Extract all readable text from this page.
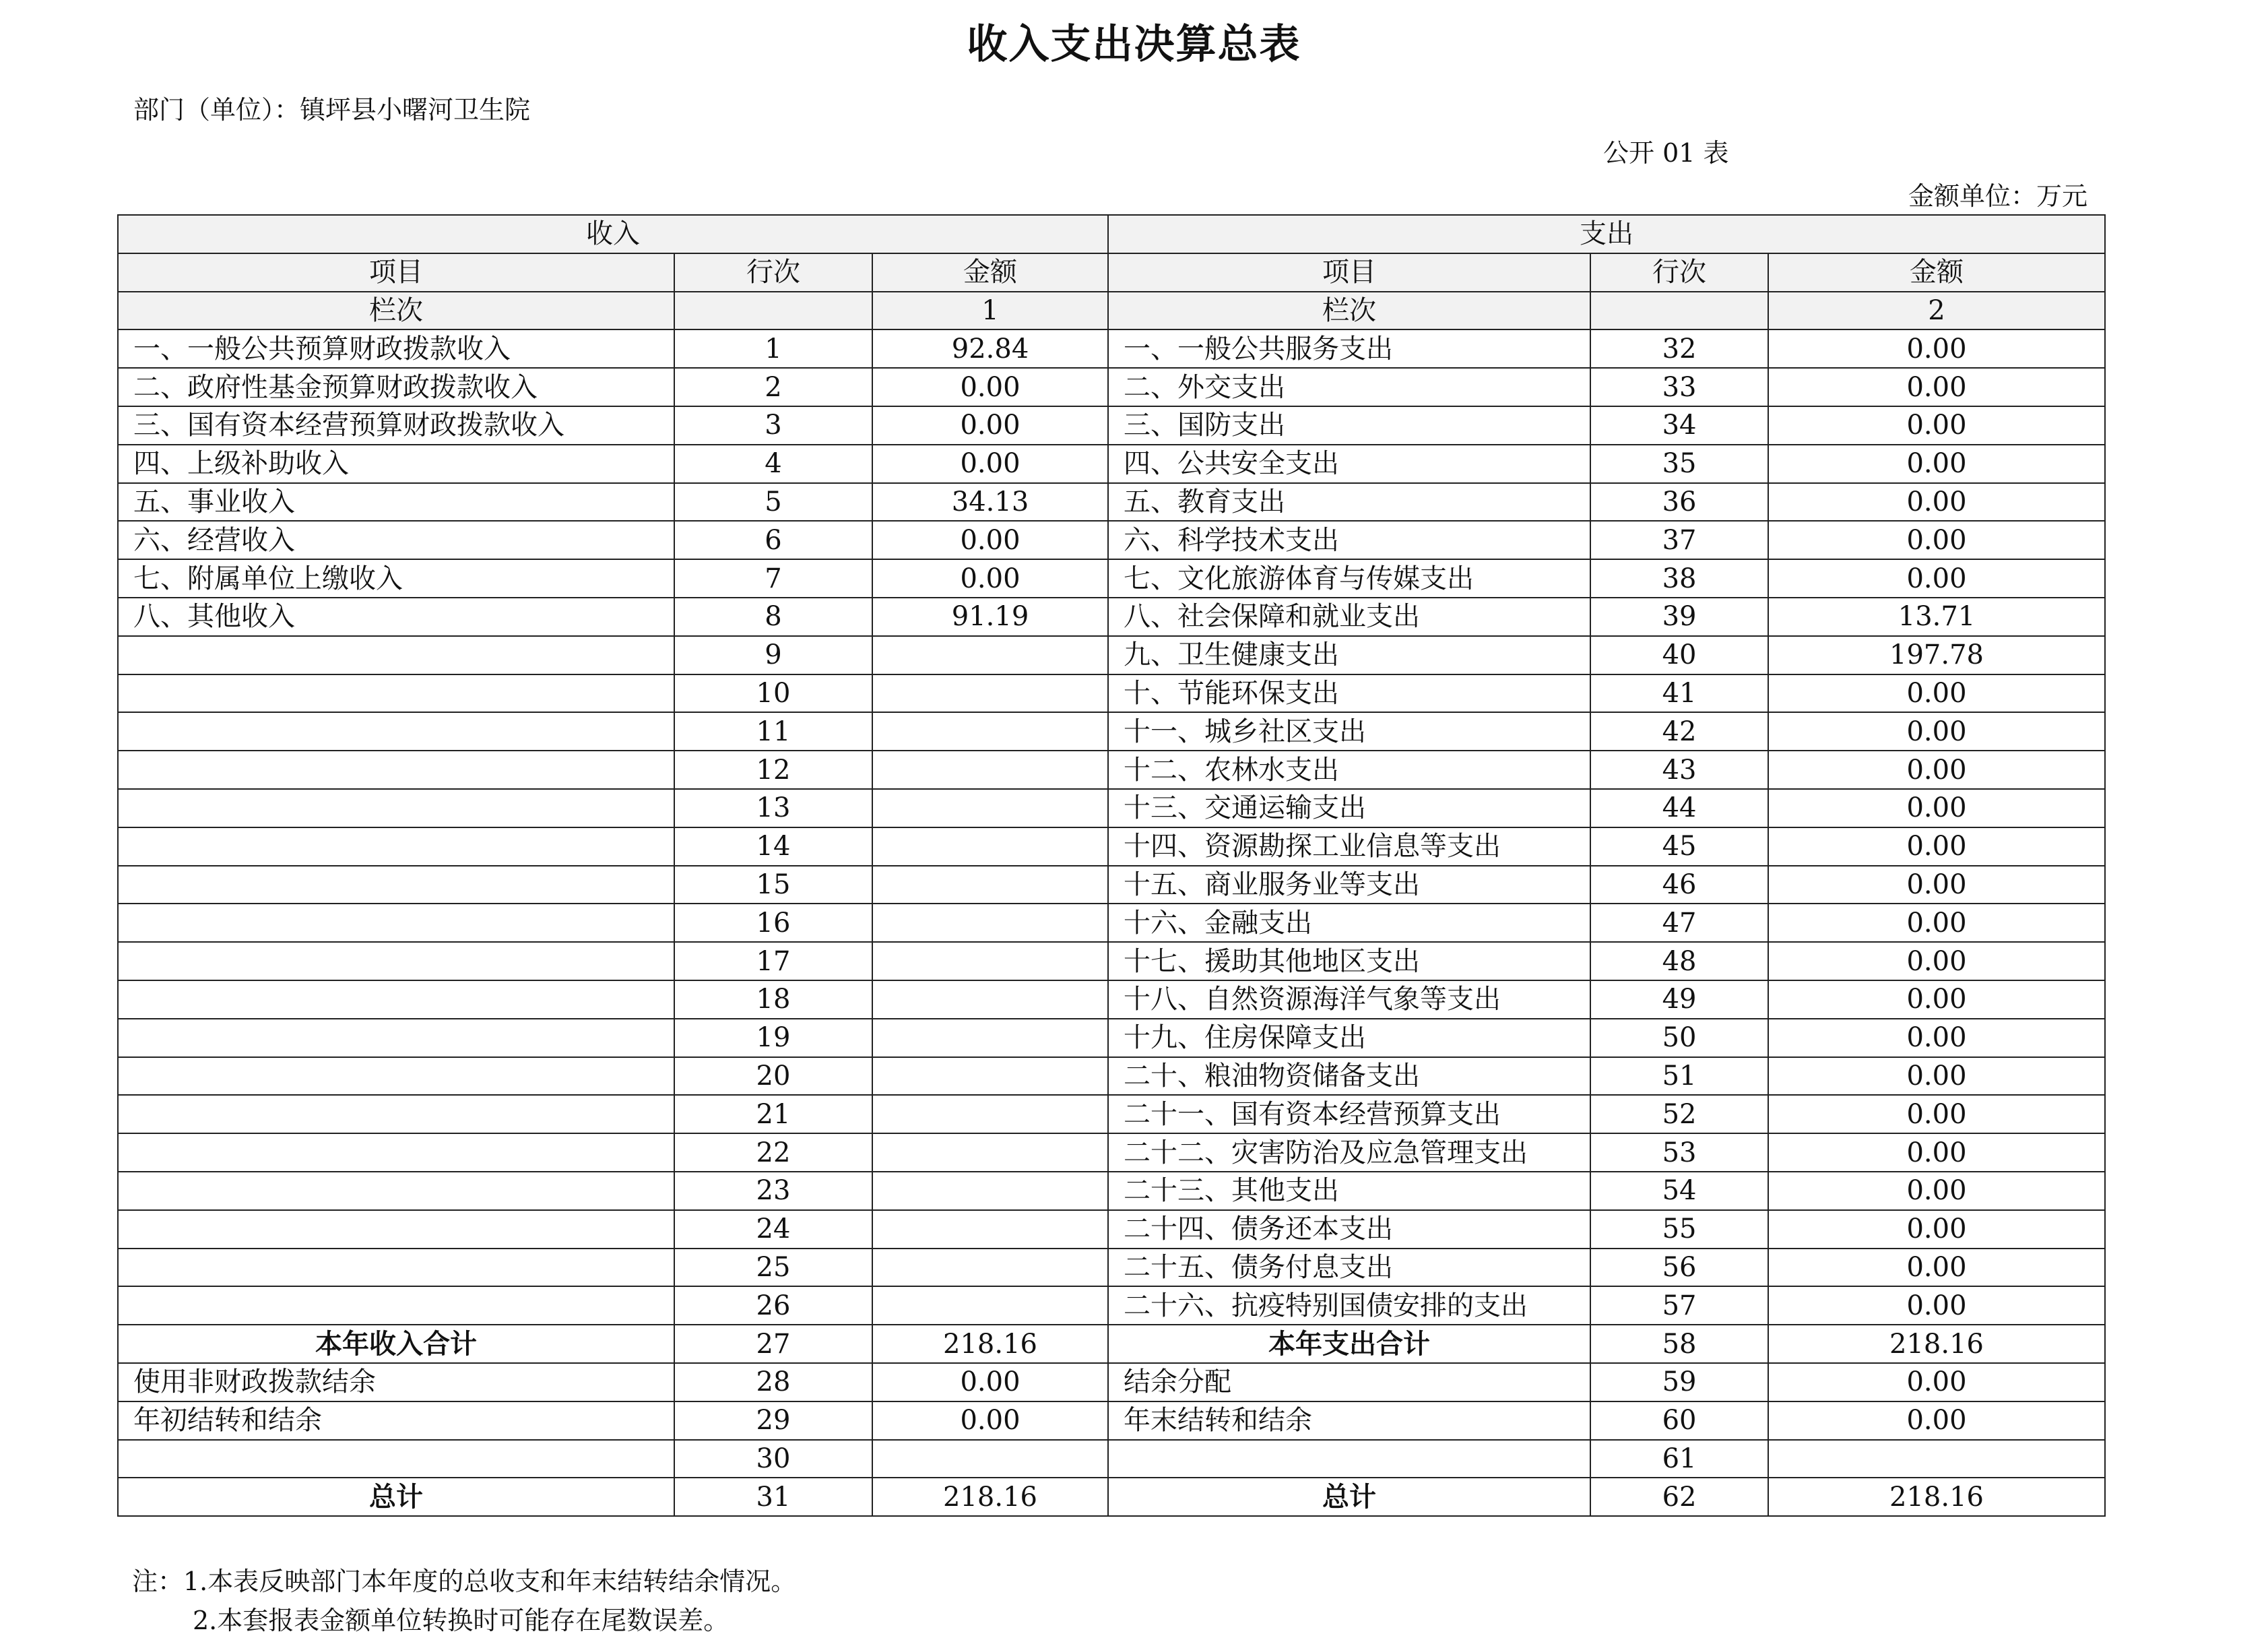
收入支出决算总表
部门（单位）：镇坪县小曙河卫生院
公开 01 表
金额单位：万元
收入			支出		
项目	行次	金额	项目	行次	金额
栏次		1	栏次		2
一、一般公共预算财政拨款收入	1	92.84	一、一般公共服务支出	32	0.00
二、政府性基金预算财政拨款收入	2	0.00	二、外交支出	33	0.00
三、国有资本经营预算财政拨款收入	3	0.00	三、国防支出	34	0.00
四、上级补助收入	4	0.00	四、公共安全支出	35	0.00
五、事业收入	5	34.13	五、教育支出	36	0.00
六、经营收入	6	0.00	六、科学技术支出	37	0.00
七、附属单位上缴收入	7	0.00	七、文化旅游体育与传媒支出	38	0.00
八、其他收入	8	91.19	八、社会保障和就业支出	39	13.71
	9		九、卫生健康支出	40	197.78
	10		十、节能环保支出	41	0.00
	11		十一、城乡社区支出	42	0.00
	12		十二、农林水支出	43	0.00
	13		十三、交通运输支出	44	0.00
	14		十四、资源勘探工业信息等支出	45	0.00
	15		十五、商业服务业等支出	46	0.00
	16		十六、金融支出	47	0.00
	17		十七、援助其他地区支出	48	0.00
	18		十八、自然资源海洋气象等支出	49	0.00
	19		十九、住房保障支出	50	0.00
	20		二十、粮油物资储备支出	51	0.00
	21		二十一、国有资本经营预算支出	52	0.00
	22		二十二、灾害防治及应急管理支出	53	0.00
	23		二十三、其他支出	54	0.00
	24		二十四、债务还本支出	55	0.00
	25		二十五、债务付息支出	56	0.00
	26		二十六、抗疫特别国债安排的支出	57	0.00
本年收入合计	27	218.16	本年支出合计	58	218.16
使用非财政拨款结余	28	0.00	结余分配	59	0.00
年初结转和结余	29	0.00	年末结转和结余	60	0.00
	30			61	
总计	31	218.16	总计	62	218.16
注：1.本表反映部门本年度的总收支和年末结转结余情况。
2.本套报表金额单位转换时可能存在尾数误差。
